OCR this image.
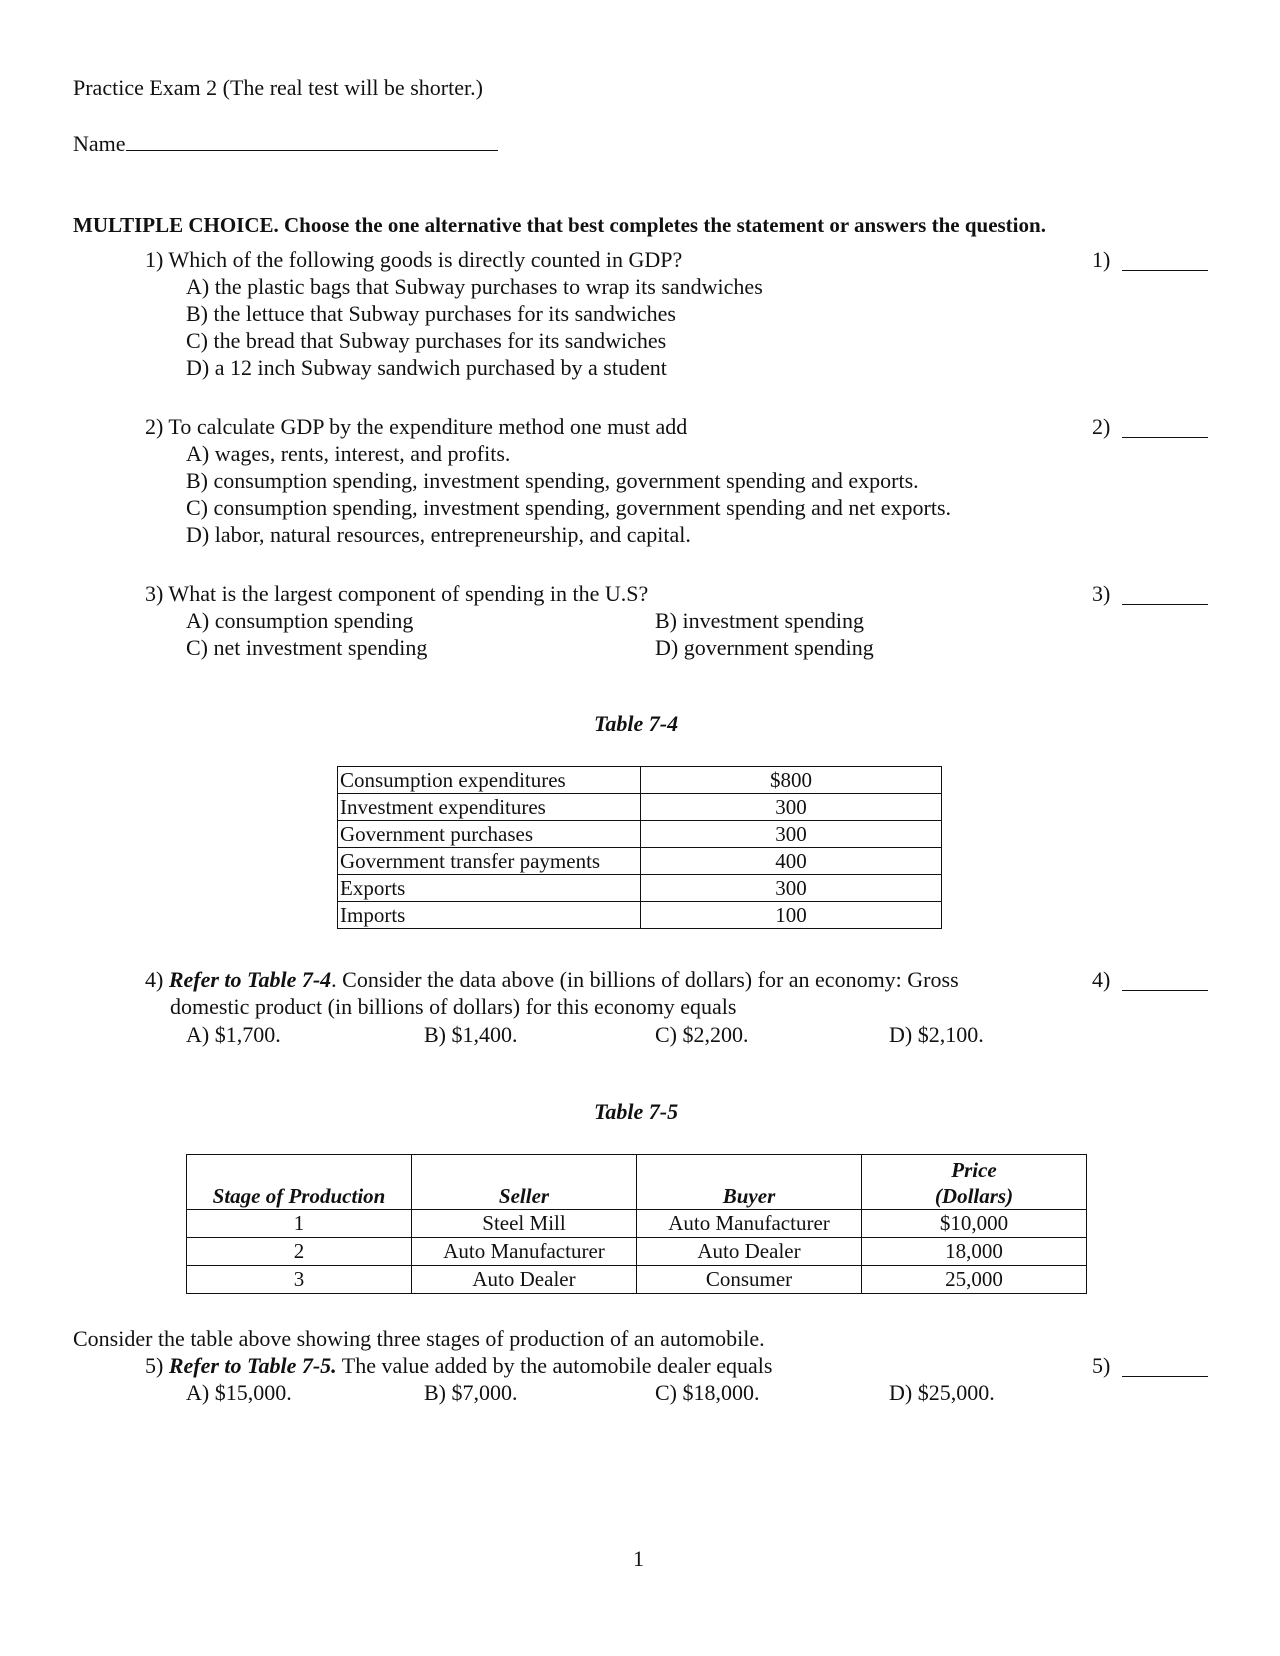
Practice Exam 2 (The real test will be shorter.)
Name
MULTIPLE CHOICE. Choose the one alternative that best completes the statement or answers the question.
1) Which of the following goods is directly counted in GDP?	1)
A) the plastic bags that Subway purchases to wrap its sandwiches
B) the lettuce that Subway purchases for its sandwiches
C) the bread that Subway purchases for its sandwiches
D) a 12 inch Subway sandwich purchased by a student
2) To calculate GDP by the expenditure method one must add	2)
A) wages, rents, interest, and profits.
B) consumption spending, investment spending, government spending and exports.
C) consumption spending, investment spending, government spending and net exports.
D) labor, natural resources, entrepreneurship, and capital.
3) What is the largest component of spending in the U.S?	3)
A) consumption spending	B) investment spending
C) net investment spending	D) government spending
Table 7-4
Consumption expenditures	$800
Investment expenditures	300
Government purchases	300
Government transfer payments	400
Exports	300
Imports	100
4) Refer to Table 7-4. Consider the data above (in billions of dollars) for an economy: Gross
domestic product (in billions of dollars) for this economy equals
4)
A) $1,700.	B) $1,400.	C) $2,200.	D) $2,100.
Table 7-5
Stage of Production	Seller	Buyer	Price
(Dollars)
1	Steel Mill	Auto Manufacturer	$10,000
2	Auto Manufacturer	Auto Dealer	18,000
3	Auto Dealer	Consumer	25,000
Consider the table above showing three stages of production of an automobile.
5) Refer to Table 7-5. The value added by the automobile dealer equals	5)
A) $15,000.	B) $7,000.	C) $18,000.	D) $25,000.
1
